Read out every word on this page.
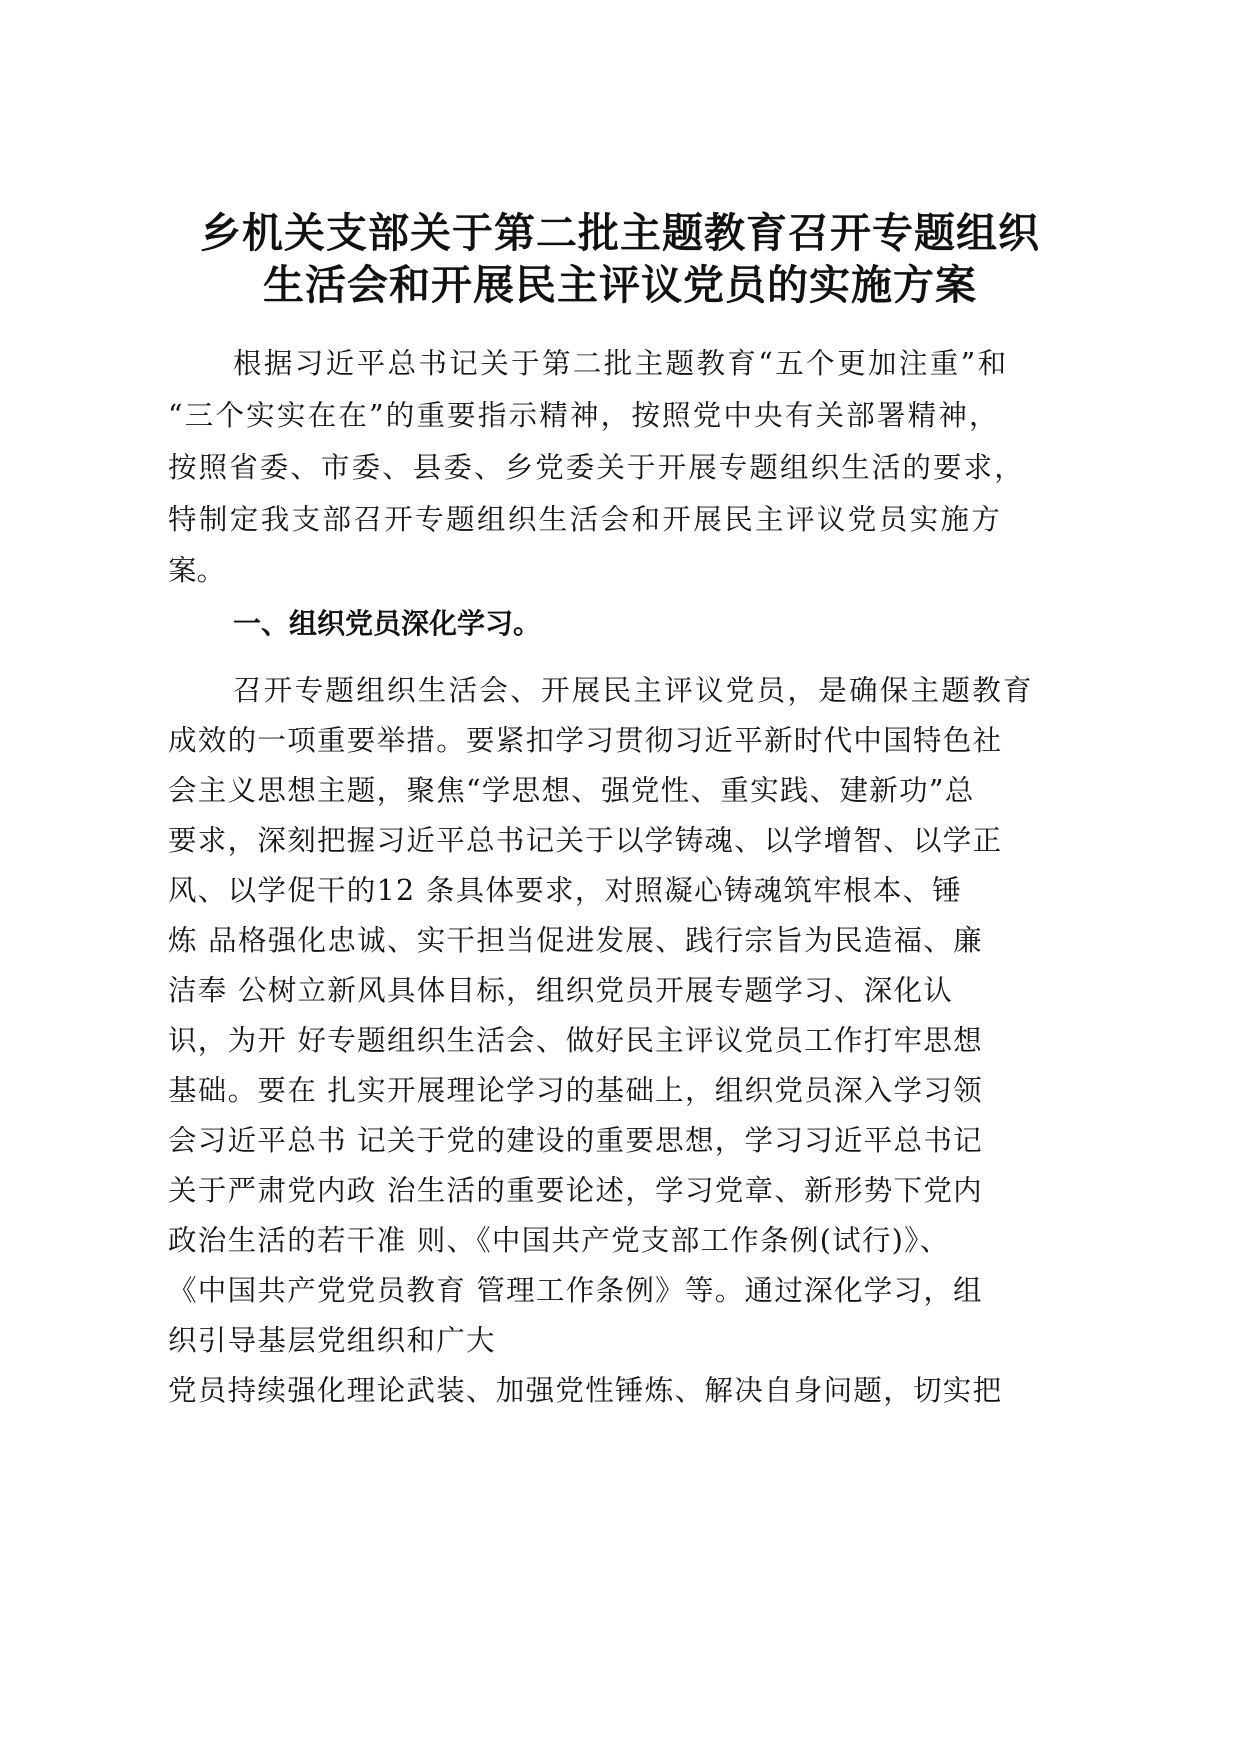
乡机关支部关于第二批主题教育召开专题组织
生活会和开展民主评议党员的实施方案
根据习近平总书记关于第二批主题教育“五个更加注重”和
“三个实实在在”的重要指示精神，按照党中央有关部署精神，
按照省委、市委、县委、乡党委关于开展专题组织生活的要求，
特制定我支部召开专题组织生活会和开展民主评议党员实施方
案。
一、组织党员深化学习。
召开专题组织生活会、开展民主评议党员，是确保主题教育
成效的一项重要举措。要紧扣学习贯彻习近平新时代中国特色社
会主义思想主题，聚焦“学思想、强党性、重实践、建新功”总
要求，深刻把握习近平总书记关于以学铸魂、以学增智、以学正
风、以学促干的12 条具体要求，对照凝心铸魂筑牢根本、锤
炼 品格强化忠诚、实干担当促进发展、践行宗旨为民造福、廉
洁奉 公树立新风具体目标，组织党员开展专题学习、深化认
识，为开 好专题组织生活会、做好民主评议党员工作打牢思想
基础。要在 扎实开展理论学习的基础上，组织党员深入学习领
会习近平总书 记关于党的建设的重要思想，学习习近平总书记
关于严肃党内政 治生活的重要论述，学习党章、新形势下党内
政治生活的若干准 则、《中国共产党支部工作条例(试行)》、
《中国共产党党员教育 管理工作条例》等。通过深化学习，组
织引导基层党组织和广大
党员持续强化理论武装、加强党性锤炼、解决自身问题，切实把
